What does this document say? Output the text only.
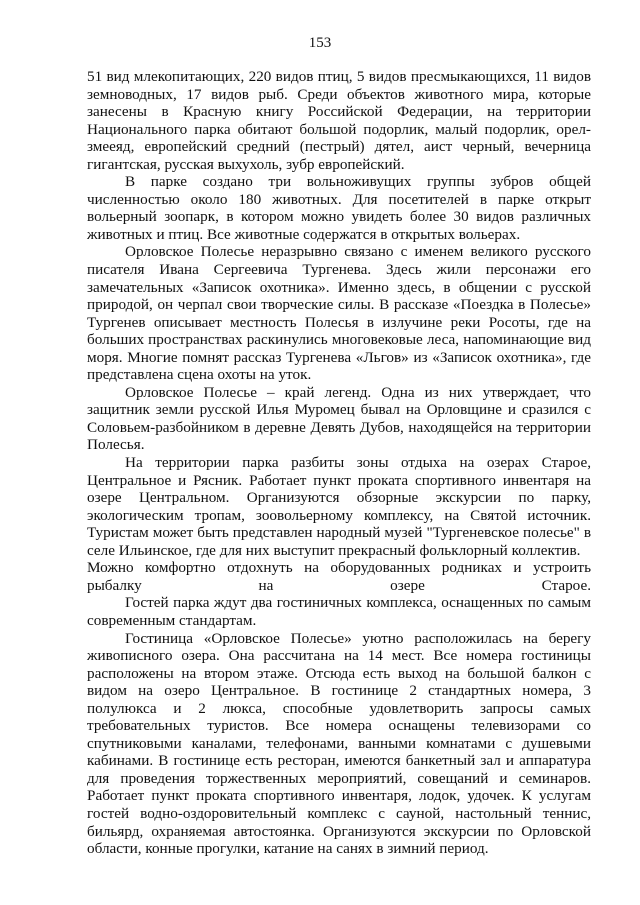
153

51 вид млекопитающих, 220 видов птиц, 5 видов пресмыкающихся, 11 видов земноводных, 17 видов рыб. Среди объектов животного мира, которые занесены в Красную книгу Российской Федерации, на территории Национального парка обитают большой подорлик, малый подорлик, орел-змееяд, европейский средний (пестрый) дятел, аист черный, вечерница гигантская, русская выхухоль, зубр европейский.

В парке создано три вольноживущих группы зубров общей численностью около 180 животных. Для посетителей в парке открыт вольерный зоопарк, в котором можно увидеть более 30 видов различных животных и птиц. Все животные содержатся в открытых вольерах.

Орловское Полесье неразрывно связано с именем великого русского писателя Ивана Сергеевича Тургенева. Здесь жили персонажи его замечательных «Записок охотника». Именно здесь, в общении с русской природой, он черпал свои творческие силы. В рассказе «Поездка в Полесье» Тургенев описывает местность Полесья в излучине реки Росоты, где на больших пространствах раскинулись многовековые леса, напоминающие вид моря. Многие помнят рассказ Тургенева «Льгов» из «Записок охотника», где представлена сцена охоты на уток.

Орловское Полесье – край легенд. Одна из них утверждает, что защитник земли русской Илья Муромец бывал на Орловщине и сразился с Соловьем-разбойником в деревне Девять Дубов, находящейся на территории Полесья.

На территории парка разбиты зоны отдыха на озерах Старое, Центральное и Рясник. Работает пункт проката спортивного инвентаря на озере Центральном. Организуются обзорные экскурсии по парку, экологическим тропам, зоовольерному комплексу, на Святой источник. Туристам может быть представлен народный музей "Тургеневское полесье" в селе Ильинское, где для них выступит прекрасный фольклорный коллектив.

Можно комфортно отдохнуть на оборудованных родниках и устроить рыбалку на озере Старое.

Гостей парка ждут два гостиничных комплекса, оснащенных по самым современным стандартам.

Гостиница «Орловское Полесье» уютно расположилась на берегу живописного озера. Она рассчитана на 14 мест. Все номера гостиницы расположены на втором этаже. Отсюда есть выход на большой балкон с видом на озеро Центральное. В гостинице 2 стандартных номера, 3 полулюкса и 2 люкса, способные удовлетворить запросы самых требовательных туристов. Все номера оснащены телевизорами со спутниковыми каналами, телефонами, ванными комнатами с душевыми кабинами. В гостинице есть ресторан, имеются банкетный зал и аппаратура для проведения торжественных мероприятий, совещаний и семинаров. Работает пункт проката спортивного инвентаря, лодок, удочек. К услугам гостей водно-оздоровительный комплекс с сауной, настольный теннис, бильярд, охраняемая автостоянка. Организуются экскурсии по Орловской области, конные прогулки, катание на санях в зимний период.
